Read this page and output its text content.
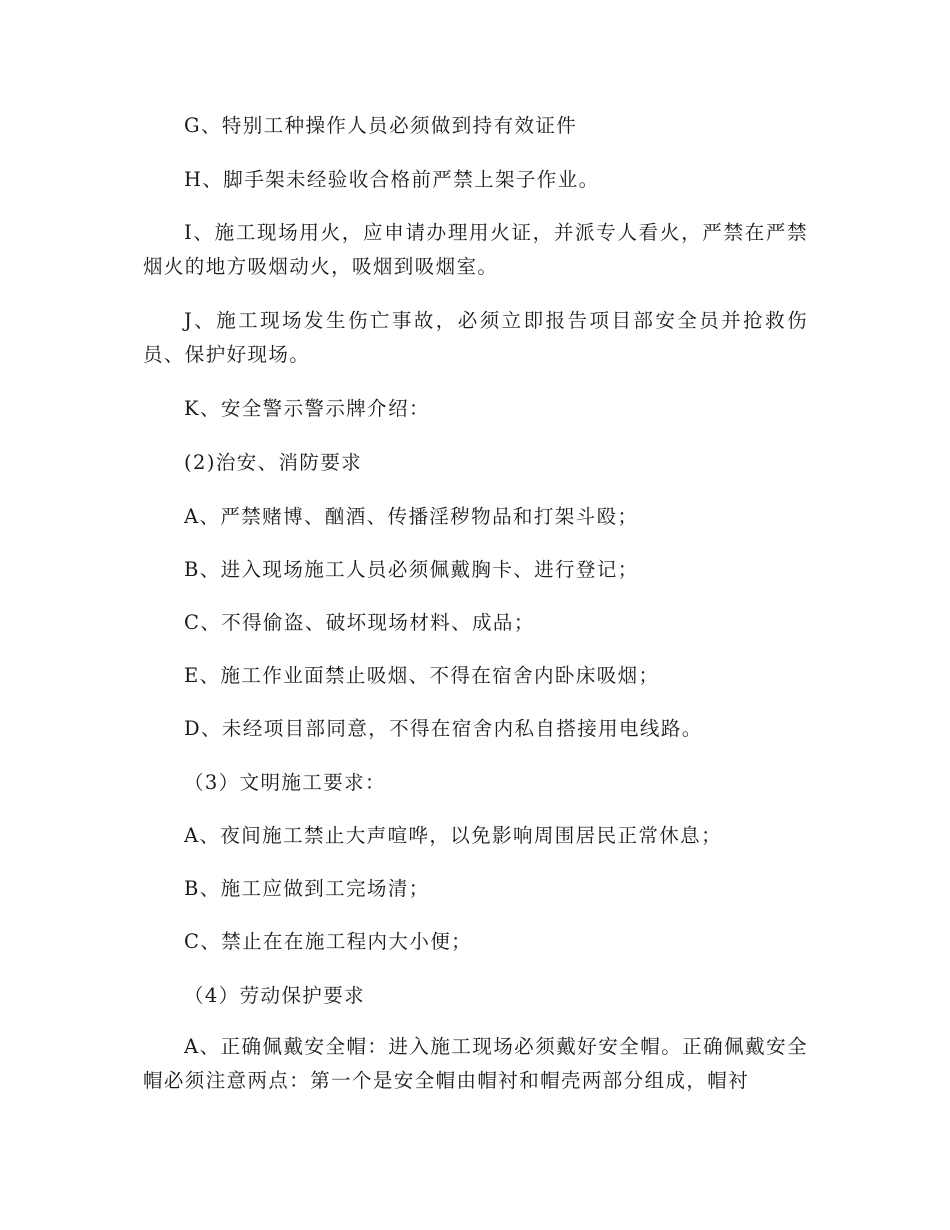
G、特别工种操作人员必须做到持有效证件

H、脚手架未经验收合格前严禁上架子作业。

I、施工现场用火，应申请办理用火证，并派专人看火，严禁在严禁烟火的地方吸烟动火，吸烟到吸烟室。

J、施工现场发生伤亡事故，必须立即报告项目部安全员并抢救伤员、保护好现场。

K、安全警示警示牌介绍：

(2)治安、消防要求

A、严禁赌博、酗酒、传播淫秽物品和打架斗殴；

B、进入现场施工人员必须佩戴胸卡、进行登记；

C、不得偷盗、破坏现场材料、成品；

E、施工作业面禁止吸烟、不得在宿舍内卧床吸烟；

D、未经项目部同意，不得在宿舍内私自搭接用电线路。

（3）文明施工要求：

A、夜间施工禁止大声喧哗，以免影响周围居民正常休息；

B、施工应做到工完场清；

C、禁止在在施工程内大小便；

（4）劳动保护要求

A、正确佩戴安全帽：进入施工现场必须戴好安全帽。正确佩戴安全帽必须注意两点：第一个是安全帽由帽衬和帽壳两部分组成，帽衬
